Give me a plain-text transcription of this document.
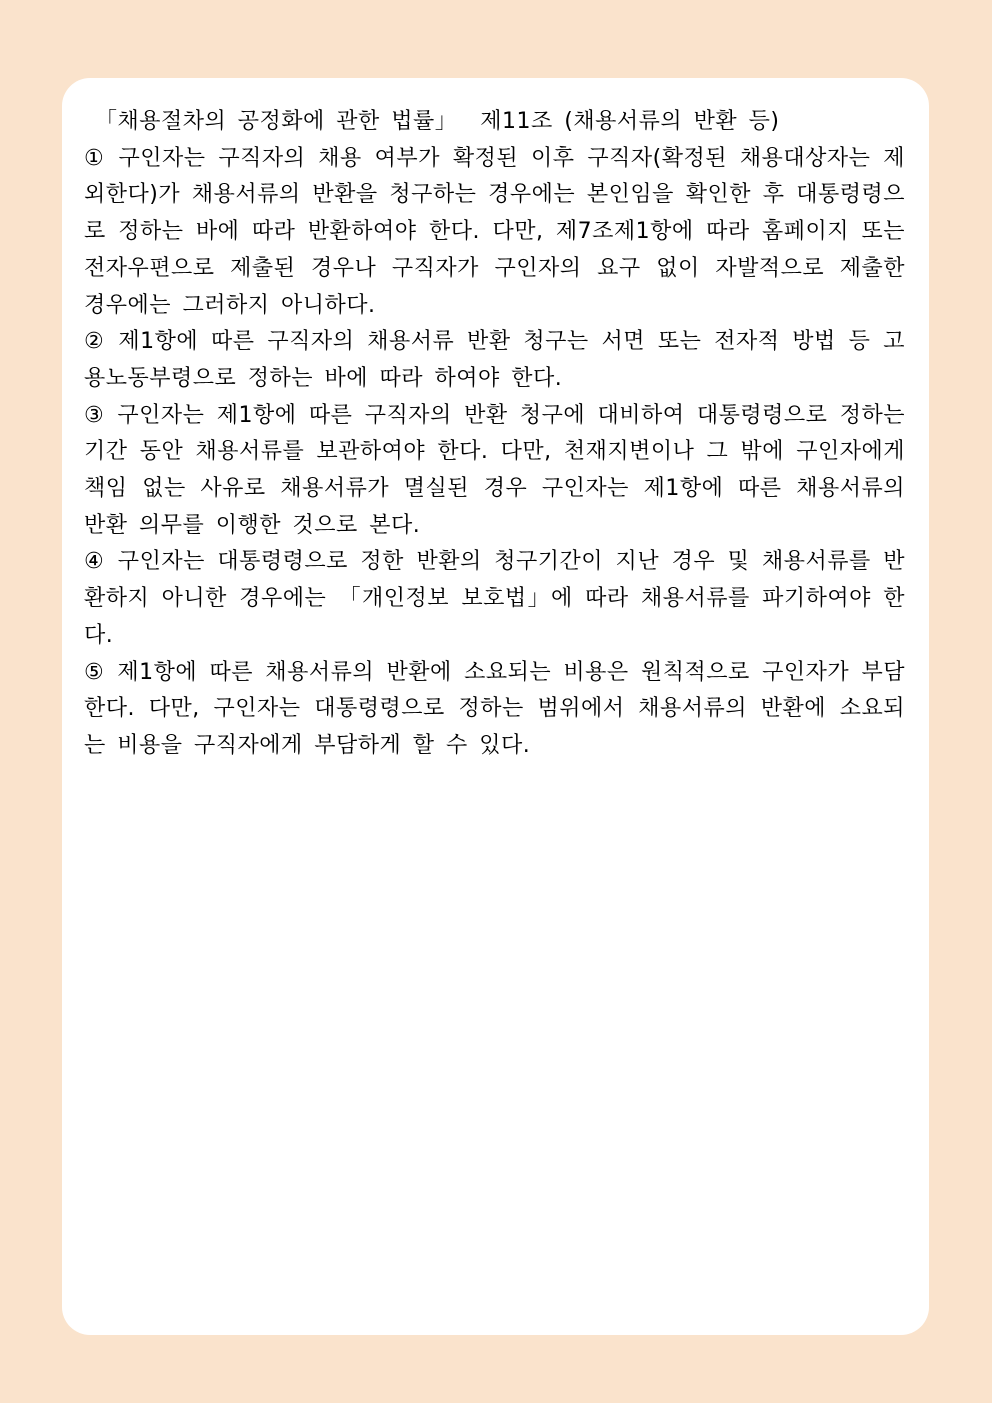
「채용절차의 공정화에 관한 법률」  제11조 (채용서류의 반환 등)

① 구인자는 구직자의 채용 여부가 확정된 이후 구직자(확정된 채용대상자는 제외한다)가 채용서류의 반환을 청구하는 경우에는 본인임을 확인한 후 대통령령으로 정하는 바에 따라 반환하여야 한다. 다만, 제7조제1항에 따라 홈페이지 또는 전자우편으로 제출된 경우나 구직자가 구인자의 요구 없이 자발적으로 제출한 경우에는 그러하지 아니하다.

② 제1항에 따른 구직자의 채용서류 반환 청구는 서면 또는 전자적 방법 등 고용노동부령으로 정하는 바에 따라 하여야 한다.

③ 구인자는 제1항에 따른 구직자의 반환 청구에 대비하여 대통령령으로 정하는 기간 동안 채용서류를 보관하여야 한다. 다만, 천재지변이나 그 밖에 구인자에게 책임 없는 사유로 채용서류가 멸실된 경우 구인자는 제1항에 따른 채용서류의 반환 의무를 이행한 것으로 본다.

④ 구인자는 대통령령으로 정한 반환의 청구기간이 지난 경우 및 채용서류를 반환하지 아니한 경우에는 「개인정보 보호법」에 따라 채용서류를 파기하여야 한다.

⑤ 제1항에 따른 채용서류의 반환에 소요되는 비용은 원칙적으로 구인자가 부담한다. 다만, 구인자는 대통령령으로 정하는 범위에서 채용서류의 반환에 소요되는 비용을 구직자에게 부담하게 할 수 있다.
